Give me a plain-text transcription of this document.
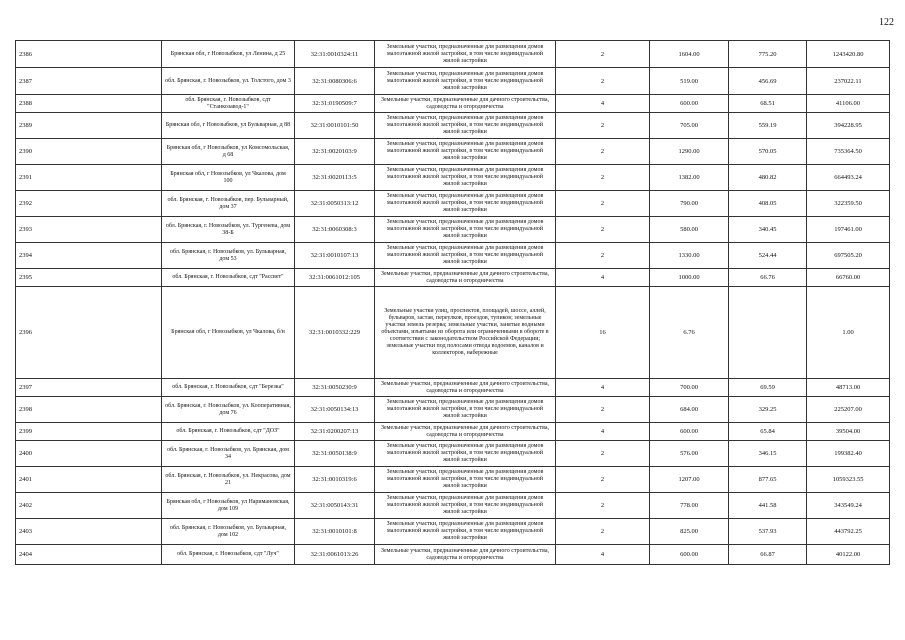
122
2386	Брянская обл, г Новозыбков, ул Ленина, д 25	32:31:0010324:11	Земельные участки, предназначенные для размещения домов малоэтажной жилой застройки, в том числе индивидуальной жилой застройки	2	1604.00	775.20	1243420.80
2387	обл. Брянская, г. Новозыбков, ул. Толстого, дом 3	32:31:0080306:6	Земельные участки, предназначенные для размещения домов малоэтажной жилой застройки, в том числе индивидуальной жилой застройки	2	519.00	456.69	237022.11
2388	обл. Брянская, г. Новозыбков, сдт "Станкозавод-1"	32:31:0190509:7	Земельные участки, предназначенные для дачного строительства, садоводства и огородничества	4	600.00	68.51	41106.00
2389	Брянская обл, г Новозыбков, ул Бульварная, д 88	32:31:0010101:50	Земельные участки, предназначенные для размещения домов малоэтажной жилой застройки, в том числе индивидуальной жилой застройки	2	705.00	559.19	394228.95
2390	Брянская обл, г Новозыбков, ул Комсомольская, д 68	32:31:0020103:9	Земельные участки, предназначенные для размещения домов малоэтажной жилой застройки, в том числе индивидуальной жилой застройки	2	1290.00	570.05	735364.50
2391	Брянская обл, г Новозыбков, ул Чкалова, дом 100	32:31:0020113:5	Земельные участки, предназначенные для размещения домов малоэтажной жилой застройки, в том числе индивидуальной жилой застройки	2	1382.00	480.82	664493.24
2392	обл. Брянская, г. Новозыбков, пер. Бульварный, дом 37	32:31:0050313:12	Земельные участки, предназначенные для размещения домов малоэтажной жилой застройки, в том числе индивидуальной жилой застройки	2	790.00	408.05	322359.50
2393	обл. Брянская, г. Новозыбков, ул. Тургенева, дом 38-Б	32:31:0060308:3	Земельные участки, предназначенные для размещения домов малоэтажной жилой застройки, в том числе индивидуальной жилой застройки	2	580.00	340.45	197461.00
2394	обл. Брянская, г. Новозыбков, ул. Бульварная, дом 53	32:31:0010107:13	Земельные участки, предназначенные для размещения домов малоэтажной жилой застройки, в том числе индивидуальной жилой застройки	2	1330.00	524.44	697505.20
2395	обл. Брянская, г. Новозыбков, сдт "Рассвет"	32:31:0061012:105	Земельные участки, предназначенные для дачного строительства, садоводства и огородничества	4	1000.00	66.76	66760.00
2396	Брянская обл, г Новозыбков, ул Чкалова, б/н	32:31:0010332:229	Земельные участки улиц, проспектов, площадей, шоссе, аллей, бульваров, застав, переулков, проездов, тупиков; земельные участки земель резерва; земельные участки, занятые водными объектами, изъятыми из оборота или ограниченными в обороте в соответствии с законодательством Российской Федерации; земельные участки под полосами отвода водоемов, каналов и коллекторов, набережные	16	6.76		1.00
2397	обл. Брянская, г. Новозыбков, сдт "Березка"	32:31:0050230:9	Земельные участки, предназначенные для дачного строительства, садоводства и огородничества	4	700.00	69.59	48713.00
2398	обл. Брянская, г. Новозыбков, ул. Кооперативная, дом 76	32:31:0050134:13	Земельные участки, предназначенные для размещения домов малоэтажной жилой застройки, в том числе индивидуальной жилой застройки	2	684.00	329.25	225207.00
2399	обл. Брянская, г. Новозыбков, сдт "ДОЗ"	32:31:0200207:13	Земельные участки, предназначенные для дачного строительства, садоводства и огородничества	4	600.00	65.84	39504.00
2400	обл. Брянская, г. Новозыбков, ул. Брянская, дом 34	32:31:0050138:9	Земельные участки, предназначенные для размещения домов малоэтажной жилой застройки, в том числе индивидуальной жилой застройки	2	576.00	346.15	199382.40
2401	обл. Брянская, г. Новозыбков, ул. Некрасова, дом 21	32:31:0010319:6	Земельные участки, предназначенные для размещения домов малоэтажной жилой застройки, в том числе индивидуальной жилой застройки	2	1207.00	877.65	1059323.55
2402	Брянская обл, г Новозыбков, ул Наримановская, дом 109	32:31:0050143:31	Земельные участки, предназначенные для размещения домов малоэтажной жилой застройки, в том числе индивидуальной жилой застройки	2	778.00	441.58	343549.24
2403	обл. Брянская, г. Новозыбков, ул. Бульварная, дом 102	32:31:0010101:8	Земельные участки, предназначенные для размещения домов малоэтажной жилой застройки, в том числе индивидуальной жилой застройки	2	825.00	537.93	443792.25
2404	обл. Брянская, г. Новозыбков, сдт "Луч"	32:31:0061013:26	Земельные участки, предназначенные для дачного строительства, садоводства и огородничества	4	600.00	66.87	40122.00
